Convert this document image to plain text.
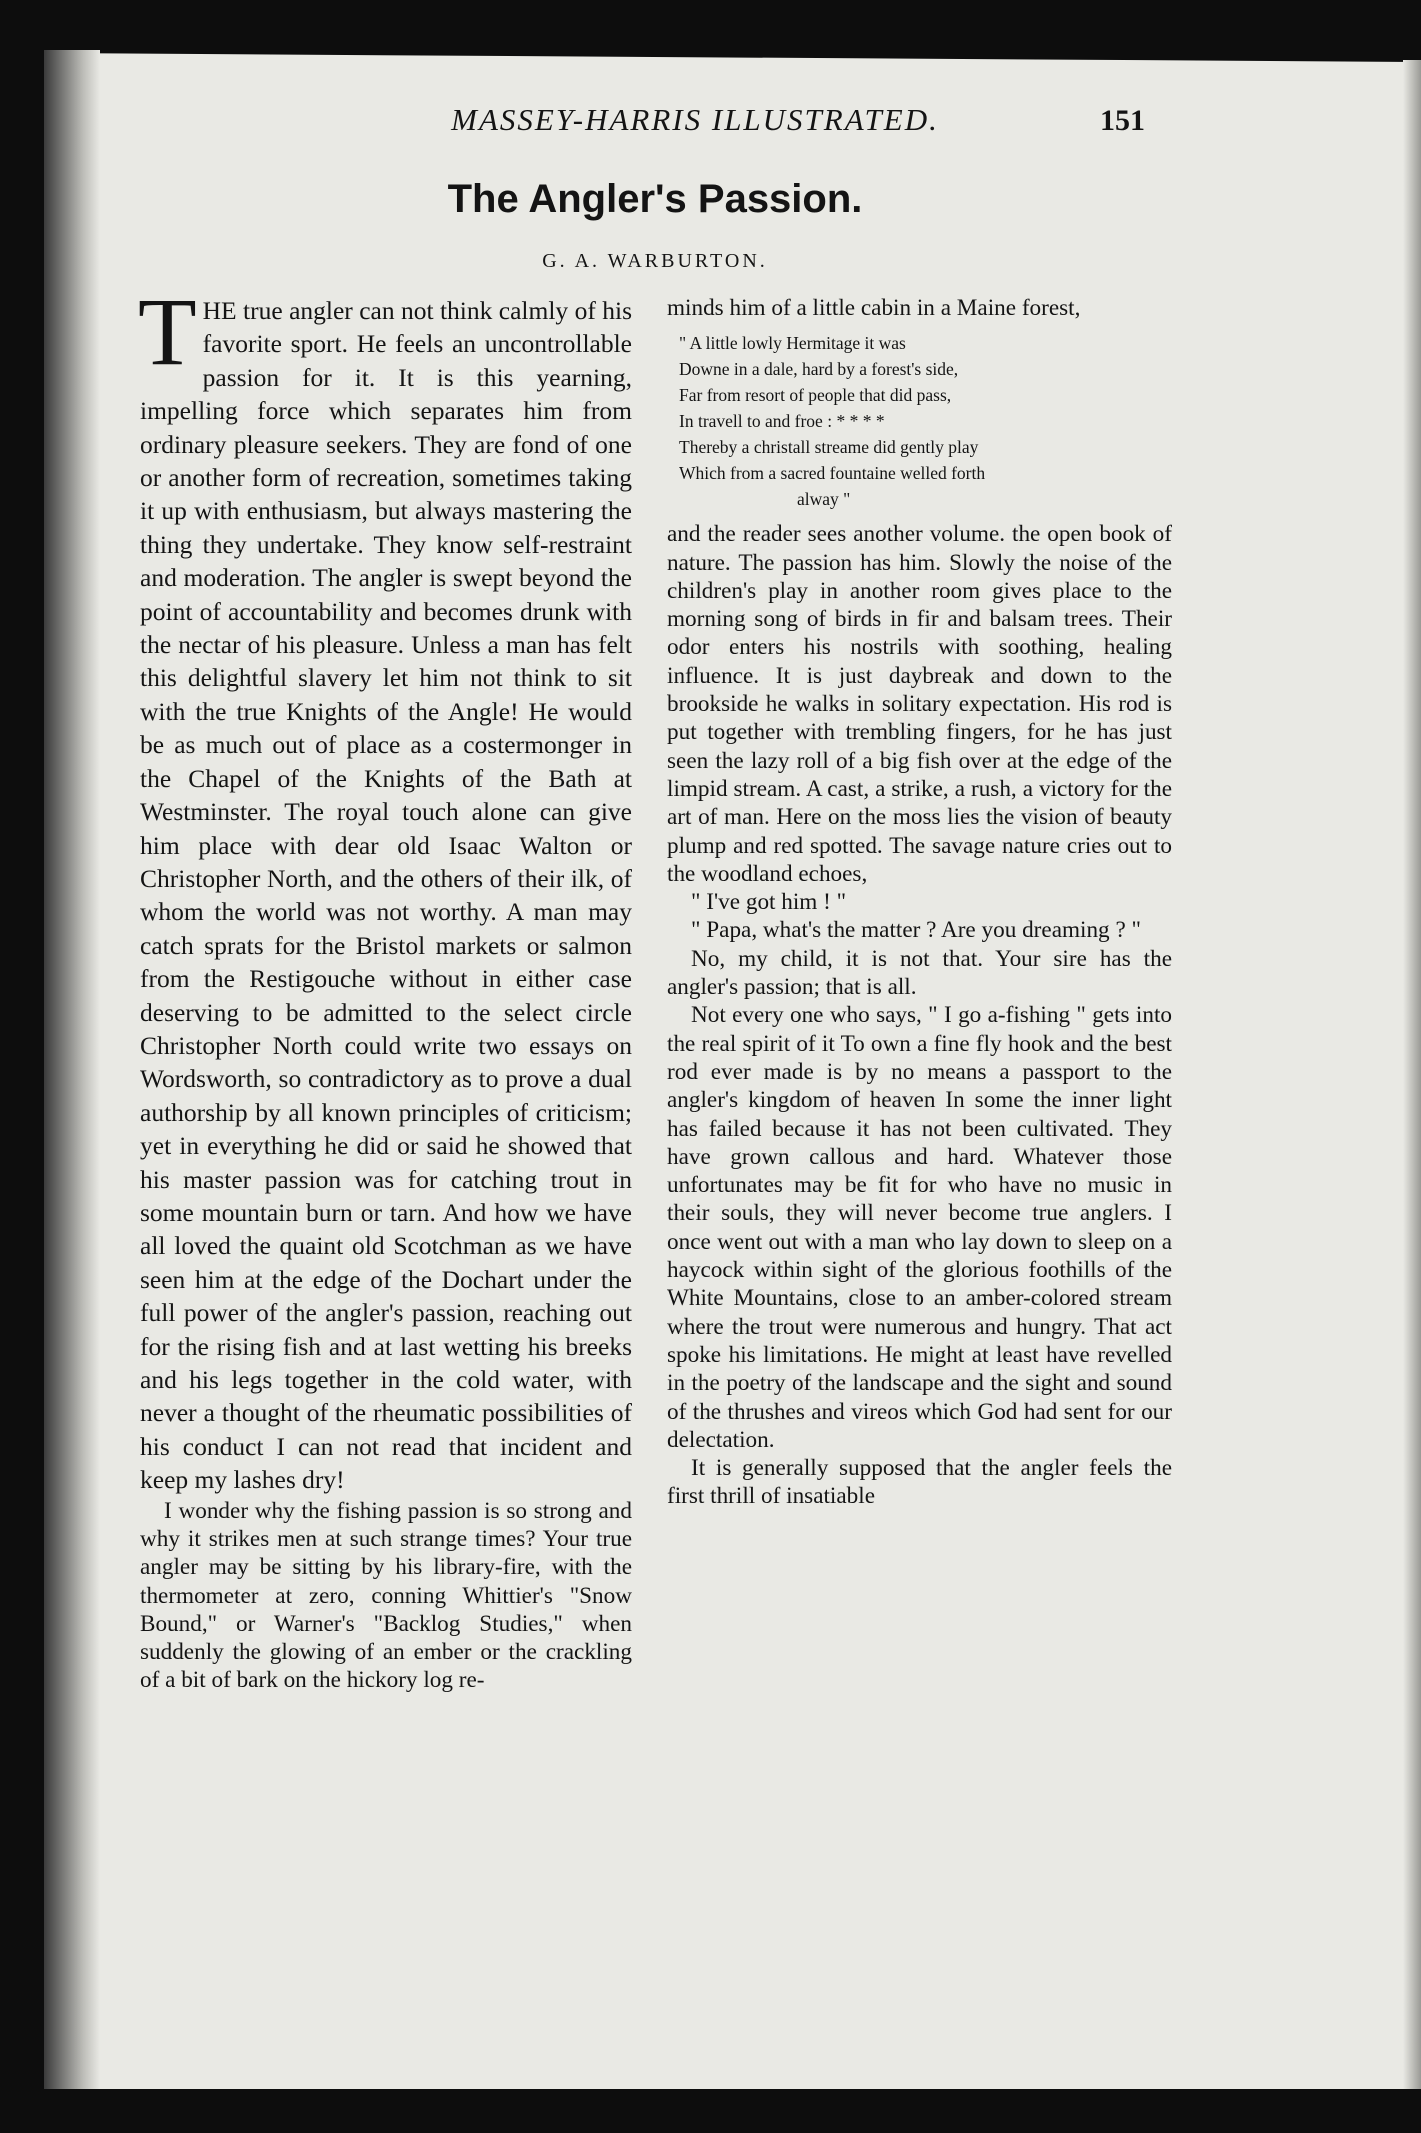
MASSEY-HARRIS ILLUSTRATED.	151
The Angler's Passion.
G. A. WARBURTON.

THE true angler can not think calmly of his favorite sport. He feels an uncontrollable passion for it. It is this yearning, impelling force which separates him from ordinary pleasure seekers. They are fond of one or another form of recreation, sometimes taking it up with enthusiasm, but always mastering the thing they undertake. They know self-restraint and moderation. The angler is swept beyond the point of accountability and becomes drunk with the nectar of his pleasure. Unless a man has felt this delightful slavery let him not think to sit with the true Knights of the Angle! He would be as much out of place as a costermonger in the Chapel of the Knights of the Bath at Westminster. The royal touch alone can give him place with dear old Isaac Walton or Christopher North, and the others of their ilk, of whom the world was not worthy. A man may catch sprats for the Bristol markets or salmon from the Restigouche without in either case deserving to be admitted to the select circle Christopher North could write two essays on Wordsworth, so contradictory as to prove a dual authorship by all known principles of criticism; yet in everything he did or said he showed that his master passion was for catching trout in some mountain burn or tarn. And how we have all loved the quaint old Scotchman as we have seen him at the edge of the Dochart under the full power of the angler's passion, reaching out for the rising fish and at last wetting his breeks and his legs together in the cold water, with never a thought of the rheumatic possibilities of his conduct I can not read that incident and keep my lashes dry!

I wonder why the fishing passion is so strong and why it strikes men at such strange times? Your true angler may be sitting by his library-fire, with the thermometer at zero, conning Whittier's "Snow Bound," or Warner's "Backlog Studies," when suddenly the glowing of an ember or the crackling of a bit of bark on the hickory log re-

minds him of a little cabin in a Maine forest,

" A little lowly Hermitage it was
Downe in a dale, hard by a forest's side,
Far from resort of people that did pass,
In travell to and froe : * * * *
Thereby a christall streame did gently play
Which from a sacred fountaine welled forth
alway "

and the reader sees another volume. the open book of nature. The passion has him. Slowly the noise of the children's play in another room gives place to the morning song of birds in fir and balsam trees. Their odor enters his nostrils with soothing, healing influence. It is just daybreak and down to the brookside he walks in solitary expectation. His rod is put together with trembling fingers, for he has just seen the lazy roll of a big fish over at the edge of the limpid stream. A cast, a strike, a rush, a victory for the art of man. Here on the moss lies the vision of beauty plump and red spotted. The savage nature cries out to the woodland echoes,

" I've got him ! "

" Papa, what's the matter ? Are you dreaming ? "

No, my child, it is not that. Your sire has the angler's passion; that is all.

Not every one who says, " I go a-fishing " gets into the real spirit of it To own a fine fly hook and the best rod ever made is by no means a passport to the angler's kingdom of heaven In some the inner light has failed because it has not been cultivated. They have grown callous and hard. Whatever those unfortunates may be fit for who have no music in their souls, they will never become true anglers. I once went out with a man who lay down to sleep on a haycock within sight of the glorious foothills of the White Mountains, close to an amber-colored stream where the trout were numerous and hungry. That act spoke his limitations. He might at least have revelled in the poetry of the landscape and the sight and sound of the thrushes and vireos which God had sent for our delectation.

It is generally supposed that the angler feels the first thrill of insatiable
